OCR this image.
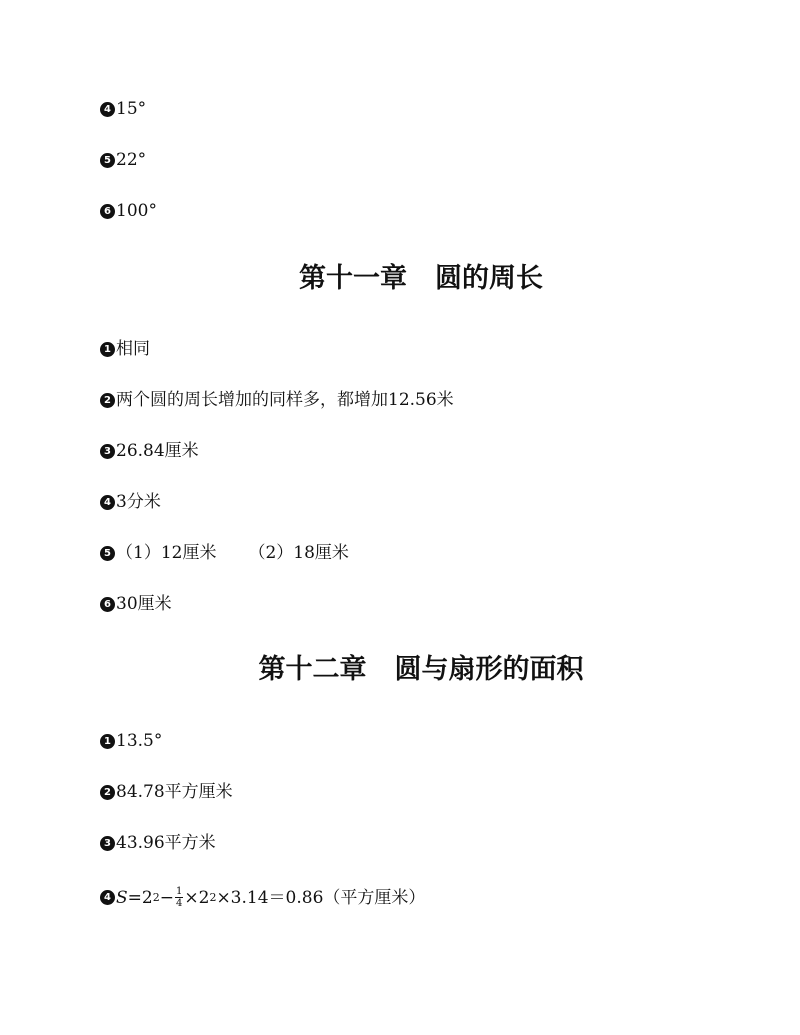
4 15°
5 22°
6 100°
第十一章 圆的周长
1 相同
2 两个圆的周长增加的同样多，都增加12.56米
3 26.84厘米
4 3分米
5 （1）12厘米 （2）18厘米
6 30厘米
第十二章 圆与扇形的面积
1 13.5°
2 84.78平方厘米
3 43.96平方米
4 S = 2 $2 - \frac{1}{4} \times 2$ 2 ×3.14＝0.86（平方厘米）
